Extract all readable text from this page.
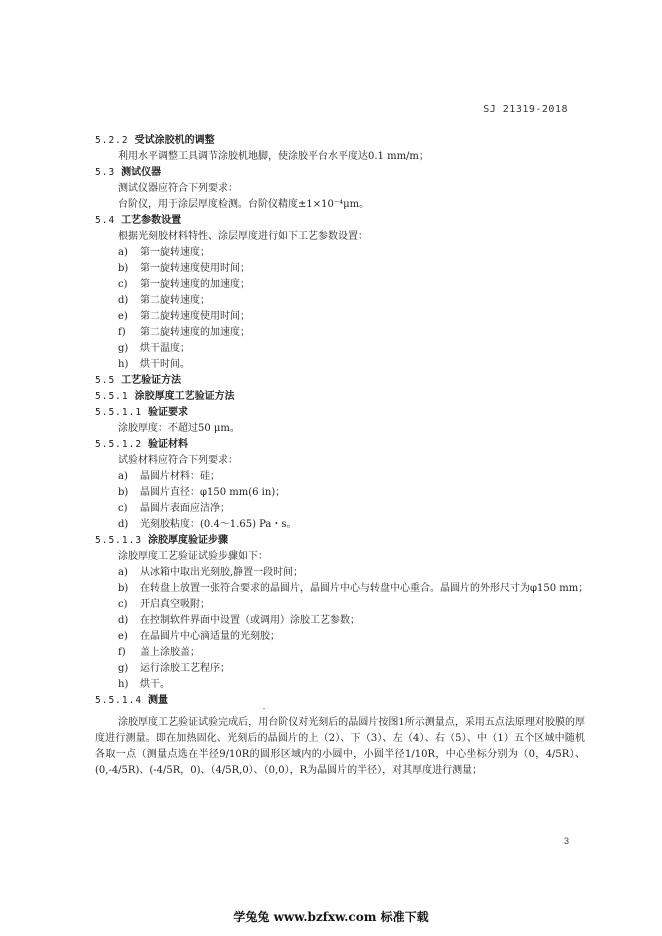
SJ 21319-2018
5.2.2 受试涂胶机的调整
利用水平调整工具调节涂胶机地脚，使涂胶平台水平度达0.1 mm/m；
5.3 测试仪器
测试仪器应符合下列要求：
台阶仪，用于涂层厚度检测。台阶仪精度±1×10⁻⁴μm。
5.4 工艺参数设置
根据光刻胶材料特性、涂层厚度进行如下工艺参数设置：
a) 第一旋转速度；
b) 第一旋转速度使用时间；
c) 第一旋转速度的加速度；
d) 第二旋转速度；
e) 第二旋转速度使用时间；
f) 第二旋转速度的加速度；
g) 烘干温度；
h) 烘干时间。
5.5 工艺验证方法
5.5.1 涂胶厚度工艺验证方法
5.5.1.1 验证要求
涂胶厚度：不超过50 μm。
5.5.1.2 验证材料
试验材料应符合下列要求：
a) 晶圆片材料：硅；
b) 晶圆片直径：φ150 mm(6 in)；
c) 晶圆片表面应洁净；
d) 光刻胶粘度：(0.4～1.65) Pa・s。
5.5.1.3 涂胶厚度验证步骤
涂胶厚度工艺验证试验步骤如下：
a) 从冰箱中取出光刻胶,静置一段时间；
b) 在转盘上放置一张符合要求的晶圆片，晶圆片中心与转盘中心重合。晶圆片的外形尺寸为φ150 mm；
c) 开启真空吸附；
d) 在控制软件界面中设置（或调用）涂胶工艺参数；
e) 在晶圆片中心滴适量的光刻胶；
f) 盖上涂胶盖；
g) 运行涂胶工艺程序；
h) 烘干。
5.5.1.4 测量
涂胶厚度工艺验证试验完成后，用台阶仪对光刻后的晶圆片按图1所示测量点，采用五点法原理对胶膜的厚度进行测量。即在加热固化、光刻后的晶圆片的上（2）、下（3）、左（4）、右（5）、中（1）五个区域中随机各取一点（测量点选在半径9/10R的圆形区域内的小圆中，小圆半径1/10R，中心坐标分别为（0，4/5R）、(0,-4/5R)、(-4/5R，0)、（4/5R,0）、（0,0），R为晶圆片的半径），对其厚度进行测量；
3
学兔兔 www.bzfxw.com 标准下载
